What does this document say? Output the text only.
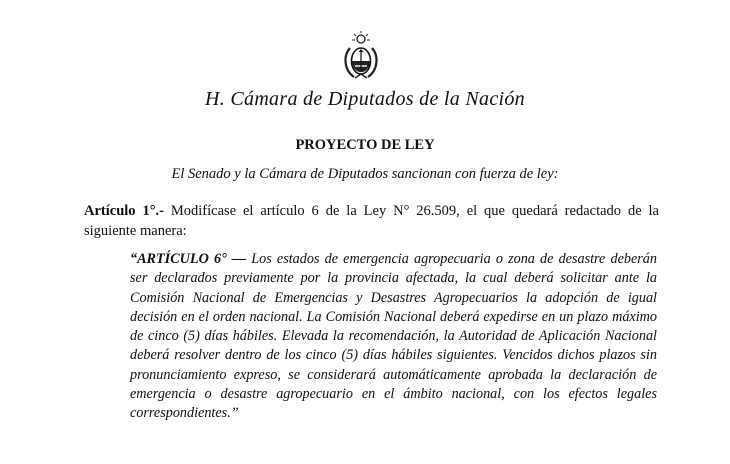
H. Cámara de Diputados de la Nación
PROYECTO DE LEY
El Senado y la Cámara de Diputados sancionan con fuerza de ley:
Artículo 1°.- Modifícase el artículo 6 de la Ley N° 26.509, el que quedará redactado de la siguiente manera:
“ARTÍCULO 6° — Los estados de emergencia agropecuaria o zona de desastre deberán ser declarados previamente por la provincia afectada, la cual deberá solicitar ante la Comisión Nacional de Emergencias y Desastres Agropecuarios la adopción de igual decisión en el orden nacional. La Comisión Nacional deberá expedirse en un plazo máximo de cinco (5) días hábiles. Elevada la recomendación, la Autoridad de Aplicación Nacional deberá resolver dentro de los cinco (5) días hábiles siguientes. Vencidos dichos plazos sin pronunciamiento expreso, se considerará automáticamente aprobada la declaración de emergencia o desastre agropecuario en el ámbito nacional, con los efectos legales correspondientes.”
